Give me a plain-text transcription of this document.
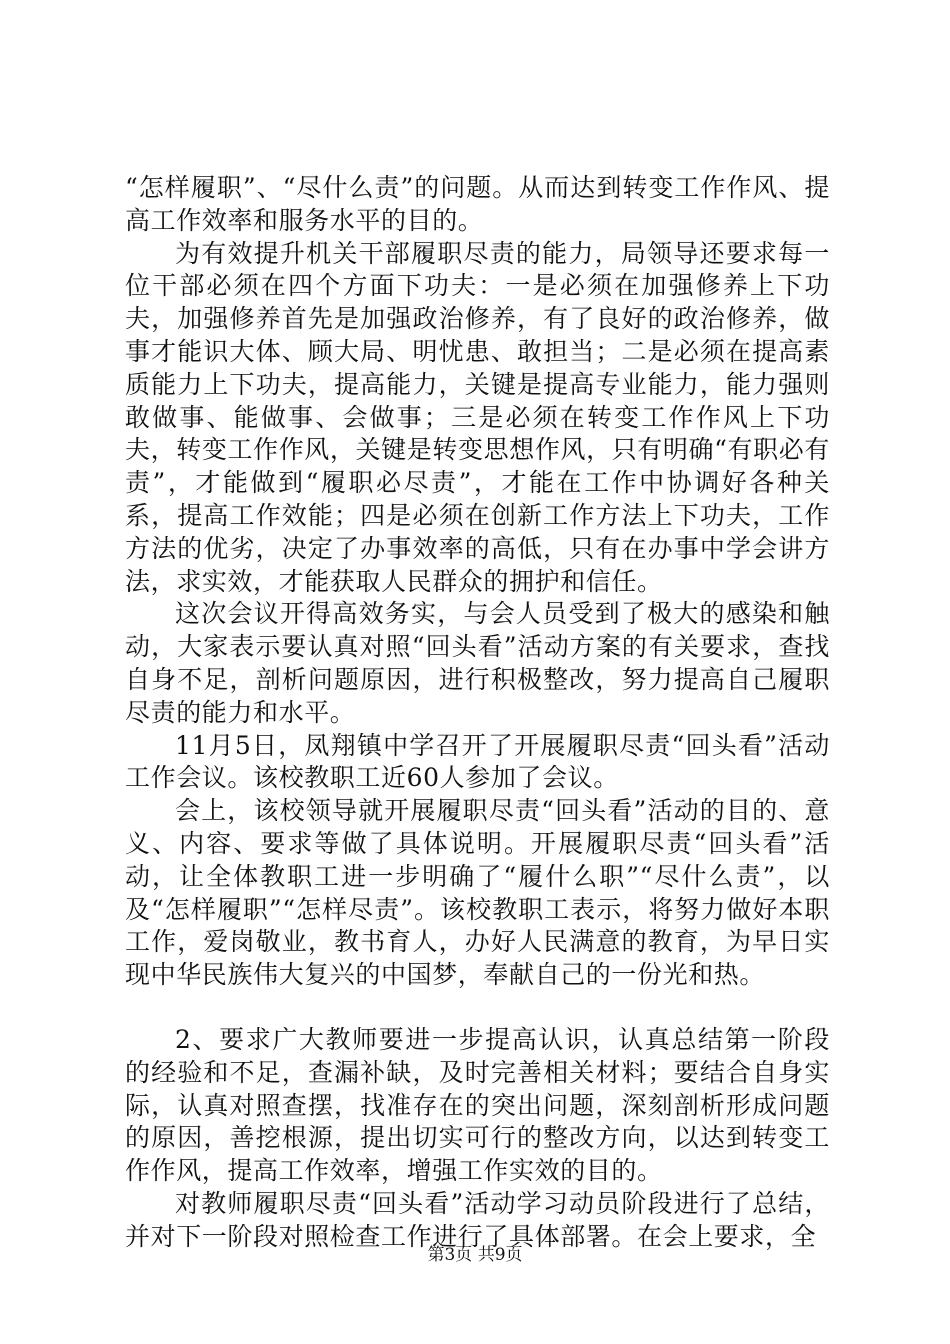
“怎样履职”、“尽什么责”的问题。从而达到转变工作作风、提高工作效率和服务水平的目的。

为有效提升机关干部履职尽责的能力，局领导还要求每一位干部必须在四个方面下功夫：一是必须在加强修养上下功夫，加强修养首先是加强政治修养，有了良好的政治修养，做事才能识大体、顾大局、明忧患、敢担当；二是必须在提高素质能力上下功夫，提高能力，关键是提高专业能力，能力强则敢做事、能做事、会做事；三是必须在转变工作作风上下功夫，转变工作作风，关键是转变思想作风，只有明确“有职必有责”，才能做到“履职必尽责”，才能在工作中协调好各种关系，提高工作效能；四是必须在创新工作方法上下功夫，工作方法的优劣，决定了办事效率的高低，只有在办事中学会讲方法，求实效，才能获取人民群众的拥护和信任。

这次会议开得高效务实，与会人员受到了极大的感染和触动，大家表示要认真对照“回头看”活动方案的有关要求，查找自身不足，剖析问题原因，进行积极整改，努力提高自己履职尽责的能力和水平。

11月5日，凤翔镇中学召开了开展履职尽责“回头看”活动工作会议。该校教职工近60人参加了会议。

会上，该校领导就开展履职尽责“回头看”活动的目的、意义、内容、要求等做了具体说明。开展履职尽责“回头看”活动，让全体教职工进一步明确了“履什么职”“尽什么责”，以及“怎样履职”“怎样尽责”。该校教职工表示，将努力做好本职工作，爱岗敬业，教书育人，办好人民满意的教育，为早日实现中华民族伟大复兴的中国梦，奉献自己的一份光和热。

2、要求广大教师要进一步提高认识，认真总结第一阶段的经验和不足，查漏补缺，及时完善相关材料；要结合自身实际，认真对照查摆，找准存在的突出问题，深刻剖析形成问题的原因，善挖根源，提出切实可行的整改方向，以达到转变工作作风，提高工作效率，增强工作实效的目的。

对教师履职尽责“回头看”活动学习动员阶段进行了总结，并对下一阶段对照检查工作进行了具体部署。在会上要求，全

第3页 共9页
